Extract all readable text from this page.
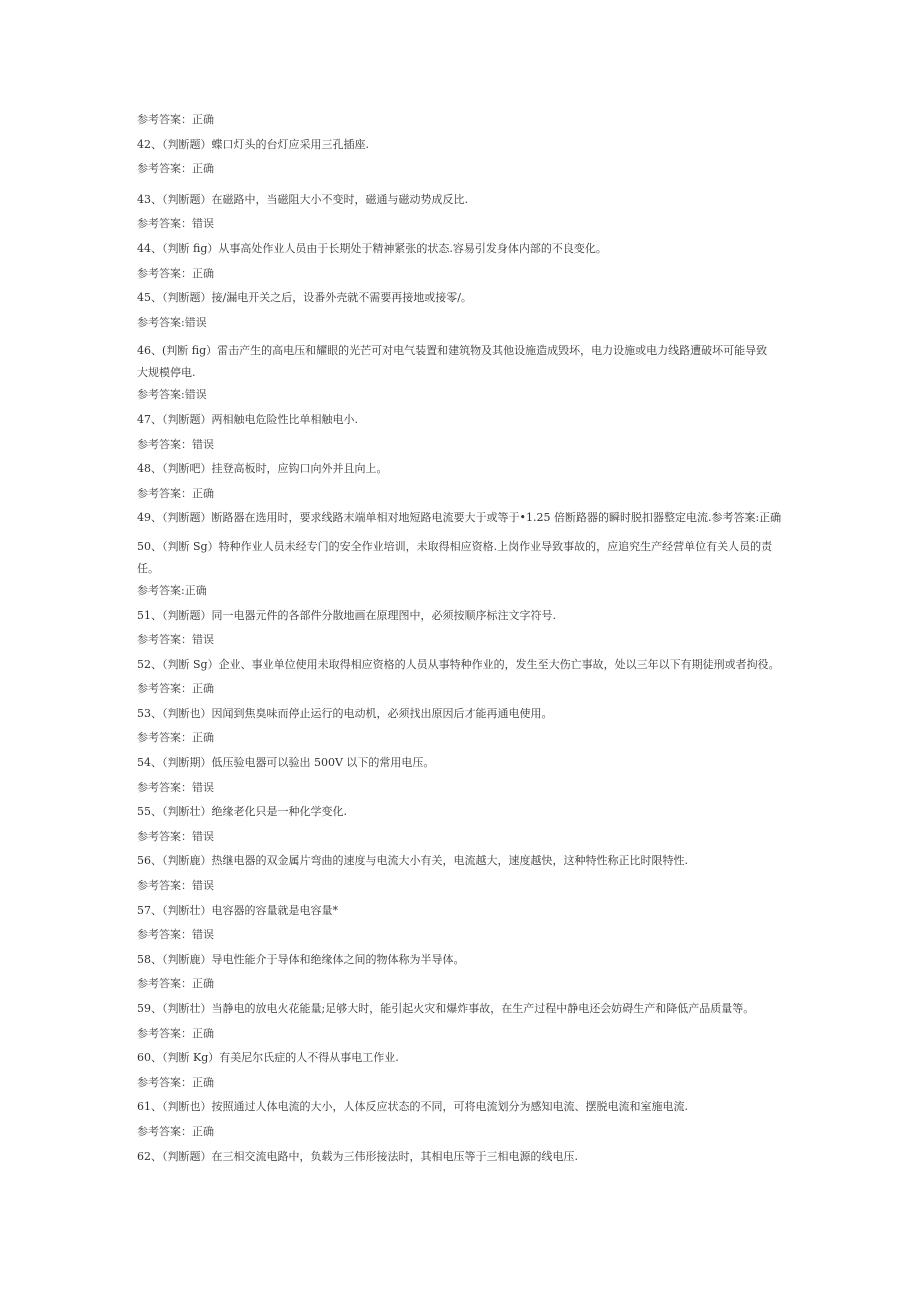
参考答案：正确
42、（判断题）蝶口灯头的台灯应采用三孔插座.
参考答案：正确
43、（判断题）在磁路中，当磁阻大小不变时，磁通与磁动势成反比.
参考答案：错误
44、（判断 fig）从事高处作业人员由于长期处于精神紧张的状态.容易引发身体内部的不良变化。
参考答案：正确
45、（判断题）接/漏电开关之后，设番外壳就不需要再接地或接零/。
参考答案:错误
46、(判断 fig）雷击产生的高电压和耀眼的光芒可对电气装置和建筑物及其他设施造成毁坏，电力设施或电力线路遭破坏可能导致大规模停电.
参考答案:错误
47、（判断题）两相触电危险性比单相触电小.
参考答案：错误
48、（判断吧）挂登高板时，应钩口向外并且向上。
参考答案：正确
49、（判断题）断路器在选用时，要求线路末端单相对地短路电流要大于或等于•1.25 倍断路器的瞬时脱扣器整定电流.参考答案:正确
50、（判断 Sg）特种作业人员未经专门的安全作业培训，未取得相应资格.上岗作业导致事故的，应追究生产经营单位有关人员的责任。
参考答案:正确
51、（判断题）同一电器元件的各部件分散地画在原理图中，必须按顺序标注文字符号.
参考答案：错误
52、（判断 Sg）企业、事业单位使用未取得相应资格的人员从事特种作业的，发生至大伤亡事故，处以三年以下有期徒刑或者拘役。
参考答案：正确
53、（判断也）因闻到焦臭味而停止运行的电动机，必须找出原因后才能再通电使用。
参考答案：正确
54、（判断期）低压验电器可以验出 500V 以下的常用电压。
参考答案：错误
55、（判断壮）绝缘老化只是一种化学变化.
参考答案：错误
56、（判断鹿）热继电器的双金属片弯曲的速度与电流大小有关，电流越大，速度越快，这种特性称正比时限特性.
参考答案：错误
57、（判断壮）电容器的容量就是电容量*
参考答案：错误
58、（判断鹿）导电性能介于导体和绝缘体之间的物体称为半导体。
参考答案：正确
59、（判断壮）当静电的放电火花能量;足够大时，能引起火灾和爆炸事故，在生产过程中静电还会妨碍生产和降低产品质量等。
参考答案：正确
60、（判断 Kg）有美尼尔氏症的人不得从事电工作业.
参考答案：正确
61、（判断也）按照通过人体电流的大小，人体反应状态的不同，可将电流划分为感知电流、摆脱电流和室施电流.
参考答案：正确
62、（判断题）在三相交流电路中，负载为三伟形接法时，其相电压等于三相电源的线电压.
